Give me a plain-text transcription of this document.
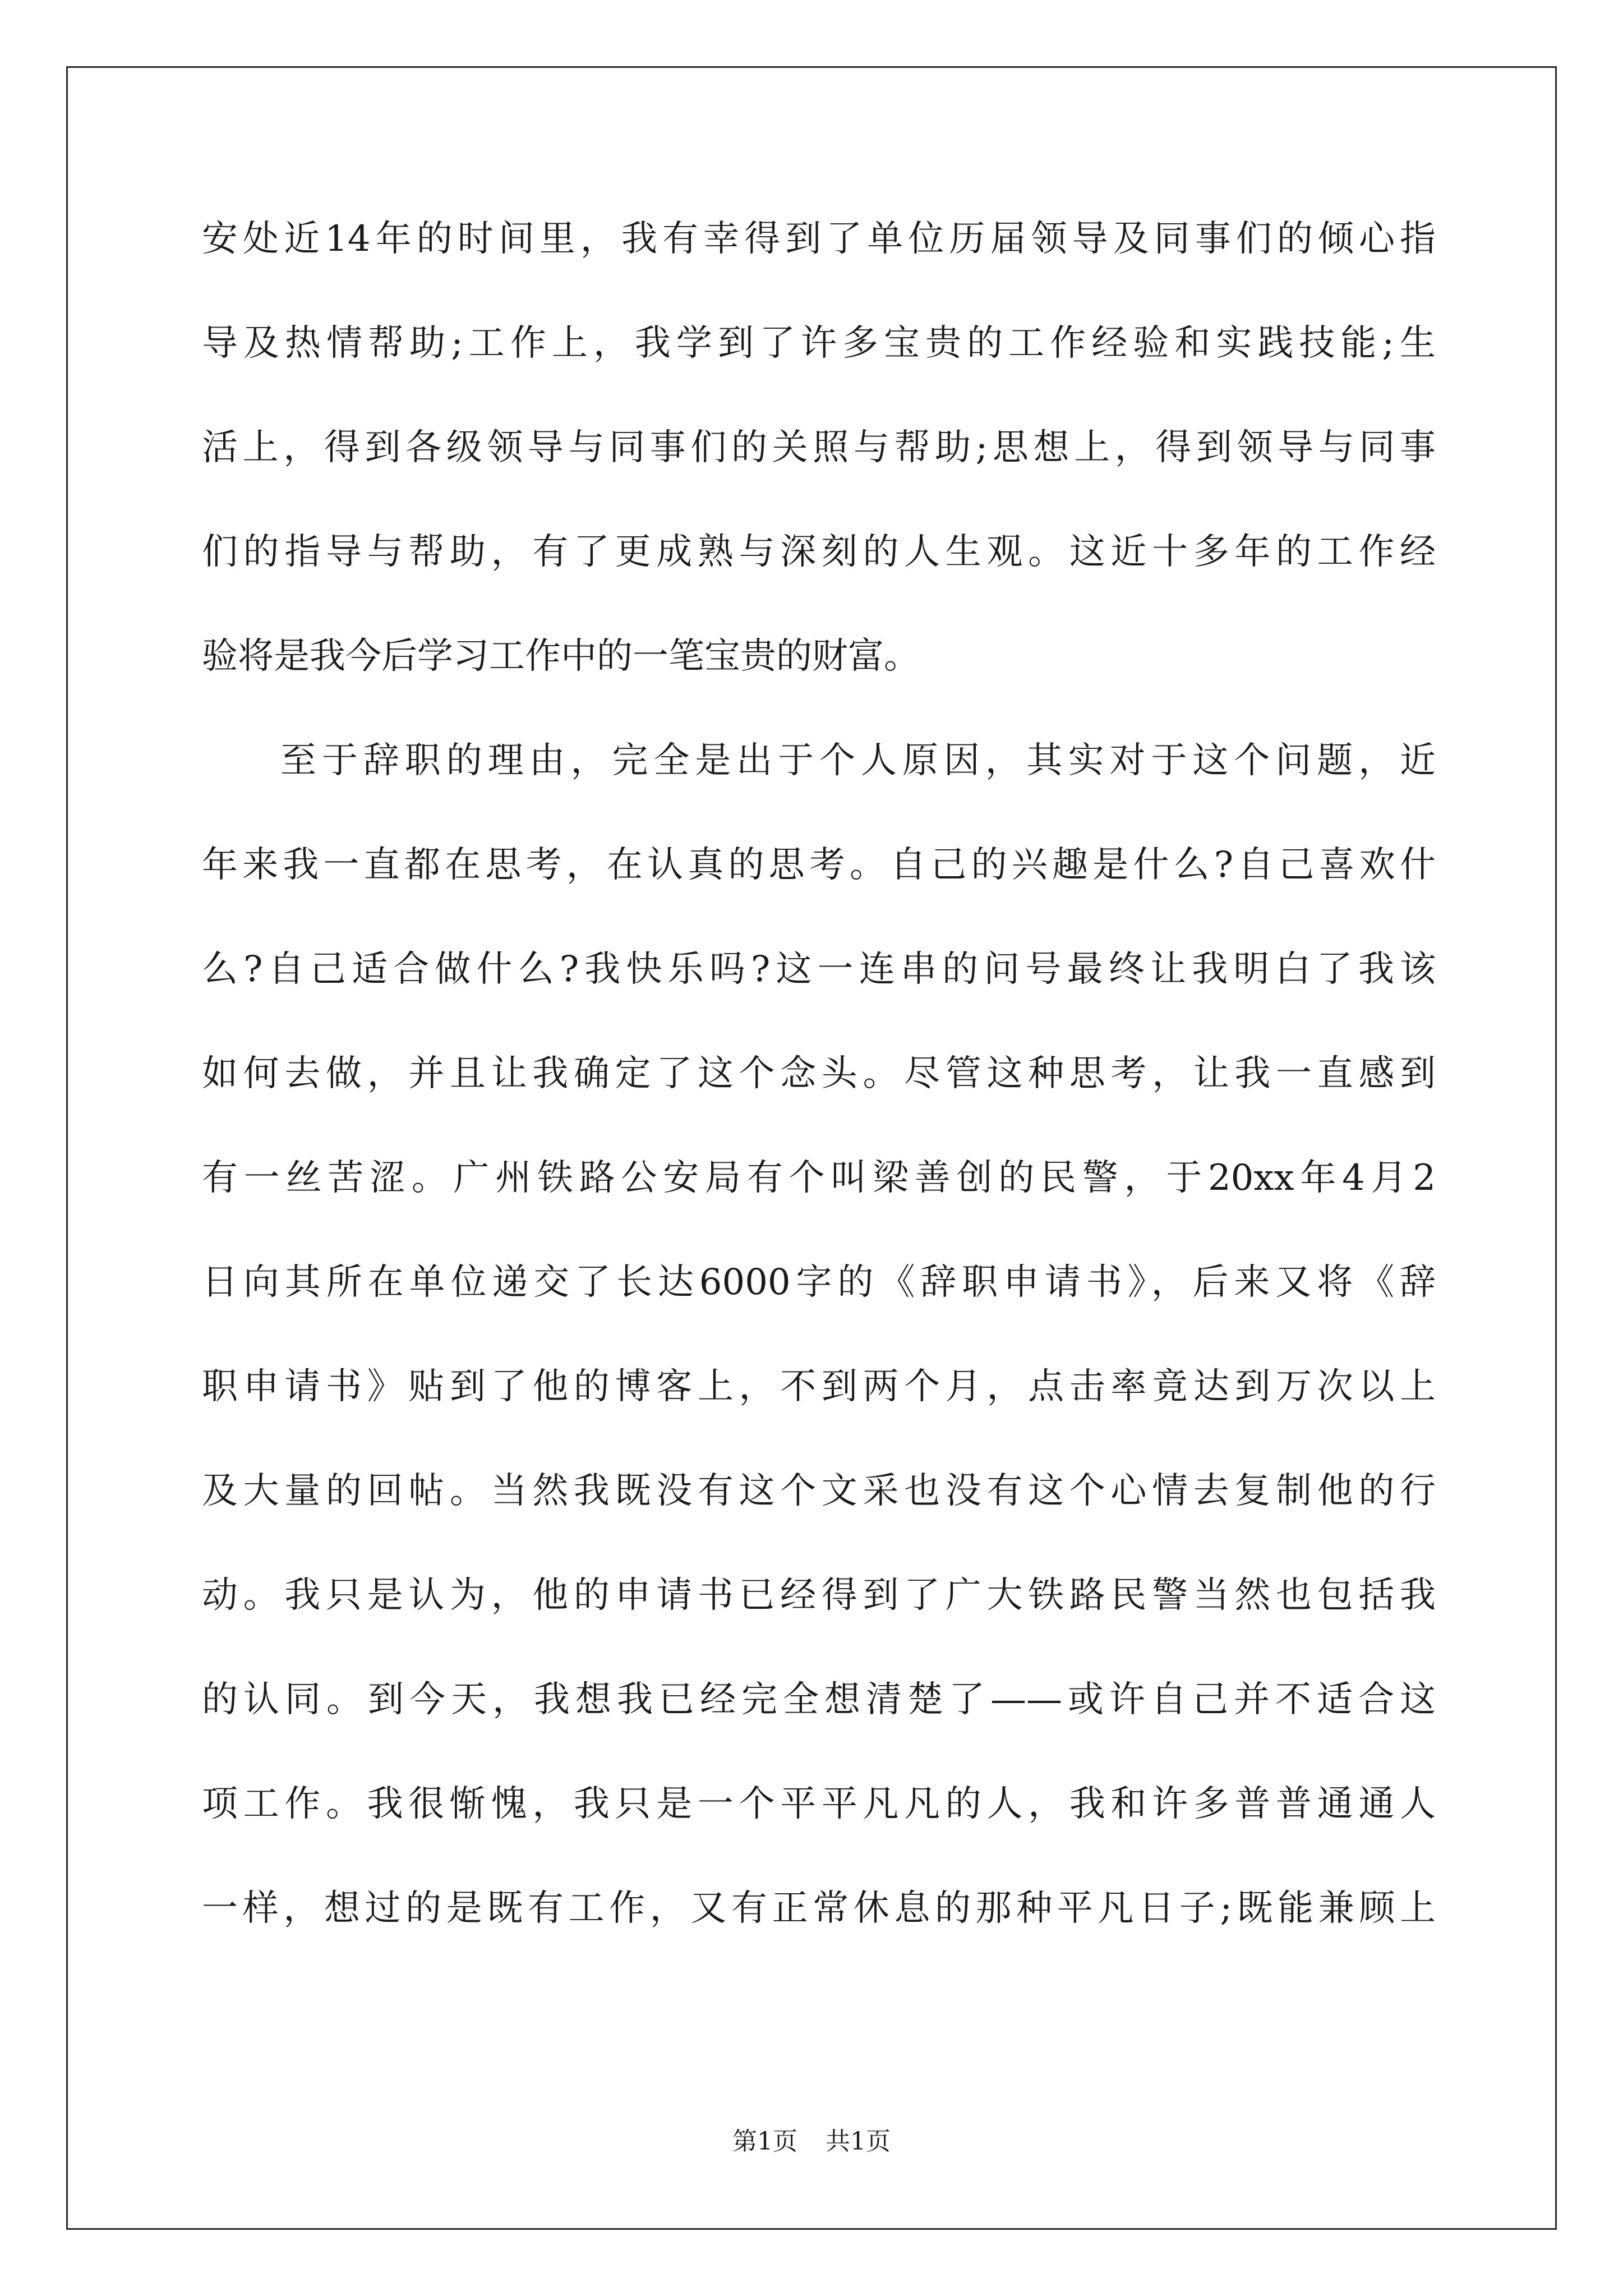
安处近14年的时间里，我有幸得到了单位历届领导及同事们的倾心指
导及热情帮助;工作上，我学到了许多宝贵的工作经验和实践技能;生
活上，得到各级领导与同事们的关照与帮助;思想上，得到领导与同事
们的指导与帮助，有了更成熟与深刻的人生观。这近十多年的工作经
验将是我今后学习工作中的一笔宝贵的财富。
至于辞职的理由，完全是出于个人原因，其实对于这个问题，近
年来我一直都在思考，在认真的思考。自己的兴趣是什么?自己喜欢什
么?自己适合做什么?我快乐吗?这一连串的问号最终让我明白了我该
如何去做，并且让我确定了这个念头。尽管这种思考，让我一直感到
有一丝苦涩。广州铁路公安局有个叫梁善创的民警，于20xx年4月2
日向其所在单位递交了长达6000字的《辞职申请书》，后来又将《辞
职申请书》贴到了他的博客上，不到两个月，点击率竟达到万次以上
及大量的回帖。当然我既没有这个文采也没有这个心情去复制他的行
动。我只是认为，他的申请书已经得到了广大铁路民警当然也包括我
的认同。到今天，我想我已经完全想清楚了——或许自己并不适合这
项工作。我很惭愧，我只是一个平平凡凡的人，我和许多普普通通人
一样，想过的是既有工作，又有正常休息的那种平凡日子;既能兼顾上
第1页 共1页
